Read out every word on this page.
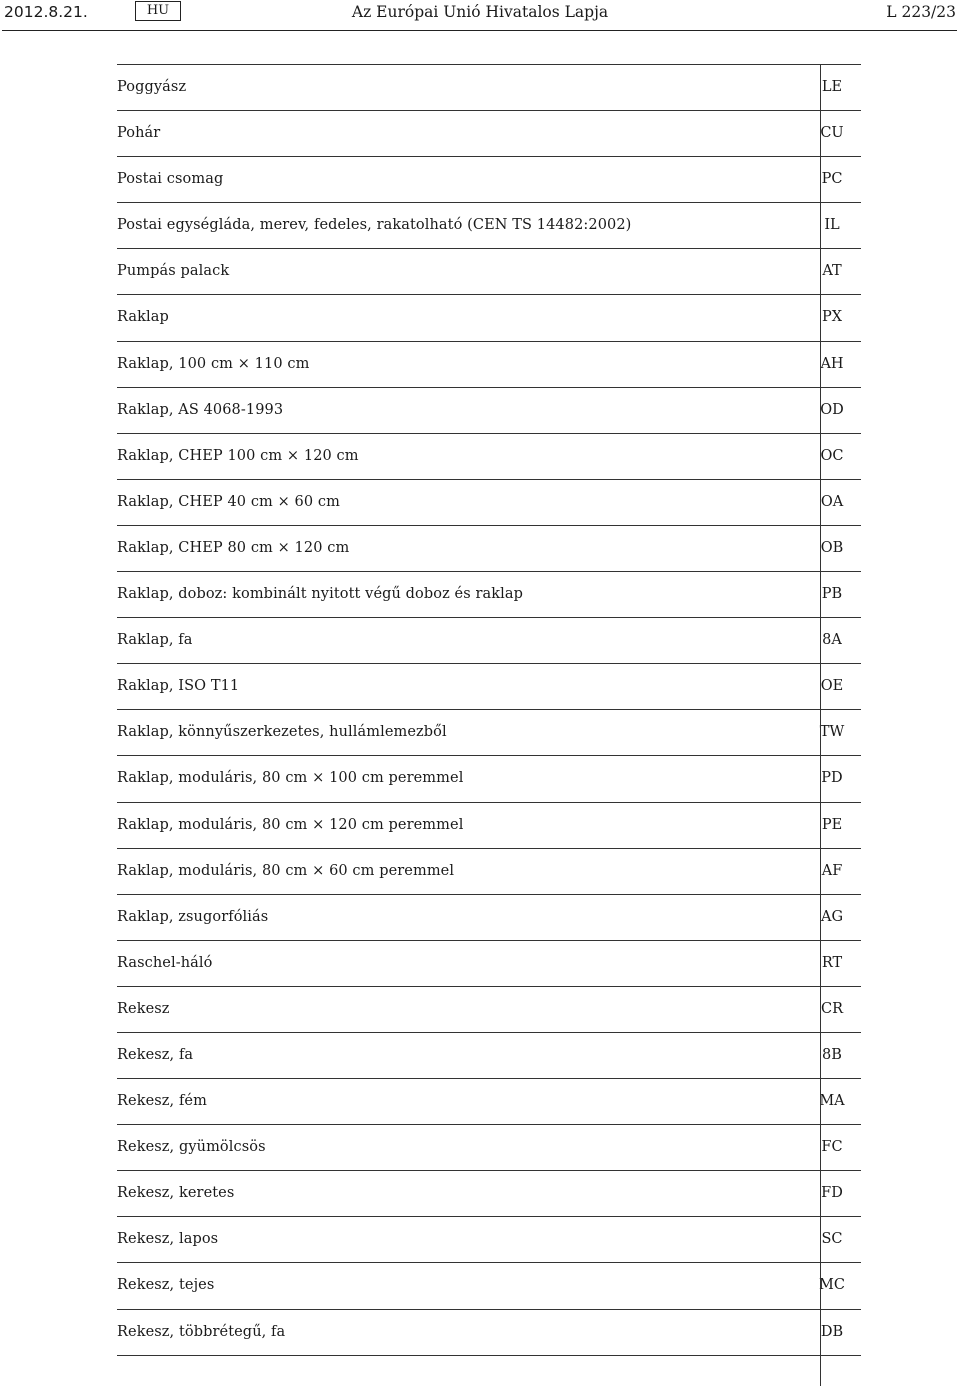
2012.8.21.	HU	Az Európai Unió Hivatalos Lapja	L 223/23
Poggyász	LE
Pohár	CU
Postai csomag	PC
Postai egységláda, merev, fedeles, rakatolható (CEN TS 14482:2002)	IL
Pumpás palack	AT
Raklap	PX
Raklap, 100 cm × 110 cm	AH
Raklap, AS 4068-1993	OD
Raklap, CHEP 100 cm × 120 cm	OC
Raklap, CHEP 40 cm × 60 cm	OA
Raklap, CHEP 80 cm × 120 cm	OB
Raklap, doboz: kombinált nyitott végű doboz és raklap	PB
Raklap, fa	8A
Raklap, ISO T11	OE
Raklap, könnyűszerkezetes, hullámlemezből	TW
Raklap, moduláris, 80 cm × 100 cm peremmel	PD
Raklap, moduláris, 80 cm × 120 cm peremmel	PE
Raklap, moduláris, 80 cm × 60 cm peremmel	AF
Raklap, zsugorfóliás	AG
Raschel-háló	RT
Rekesz	CR
Rekesz, fa	8B
Rekesz, fém	MA
Rekesz, gyümölcsös	FC
Rekesz, keretes	FD
Rekesz, lapos	SC
Rekesz, tejes	MC
Rekesz, többrétegű, fa	DB
